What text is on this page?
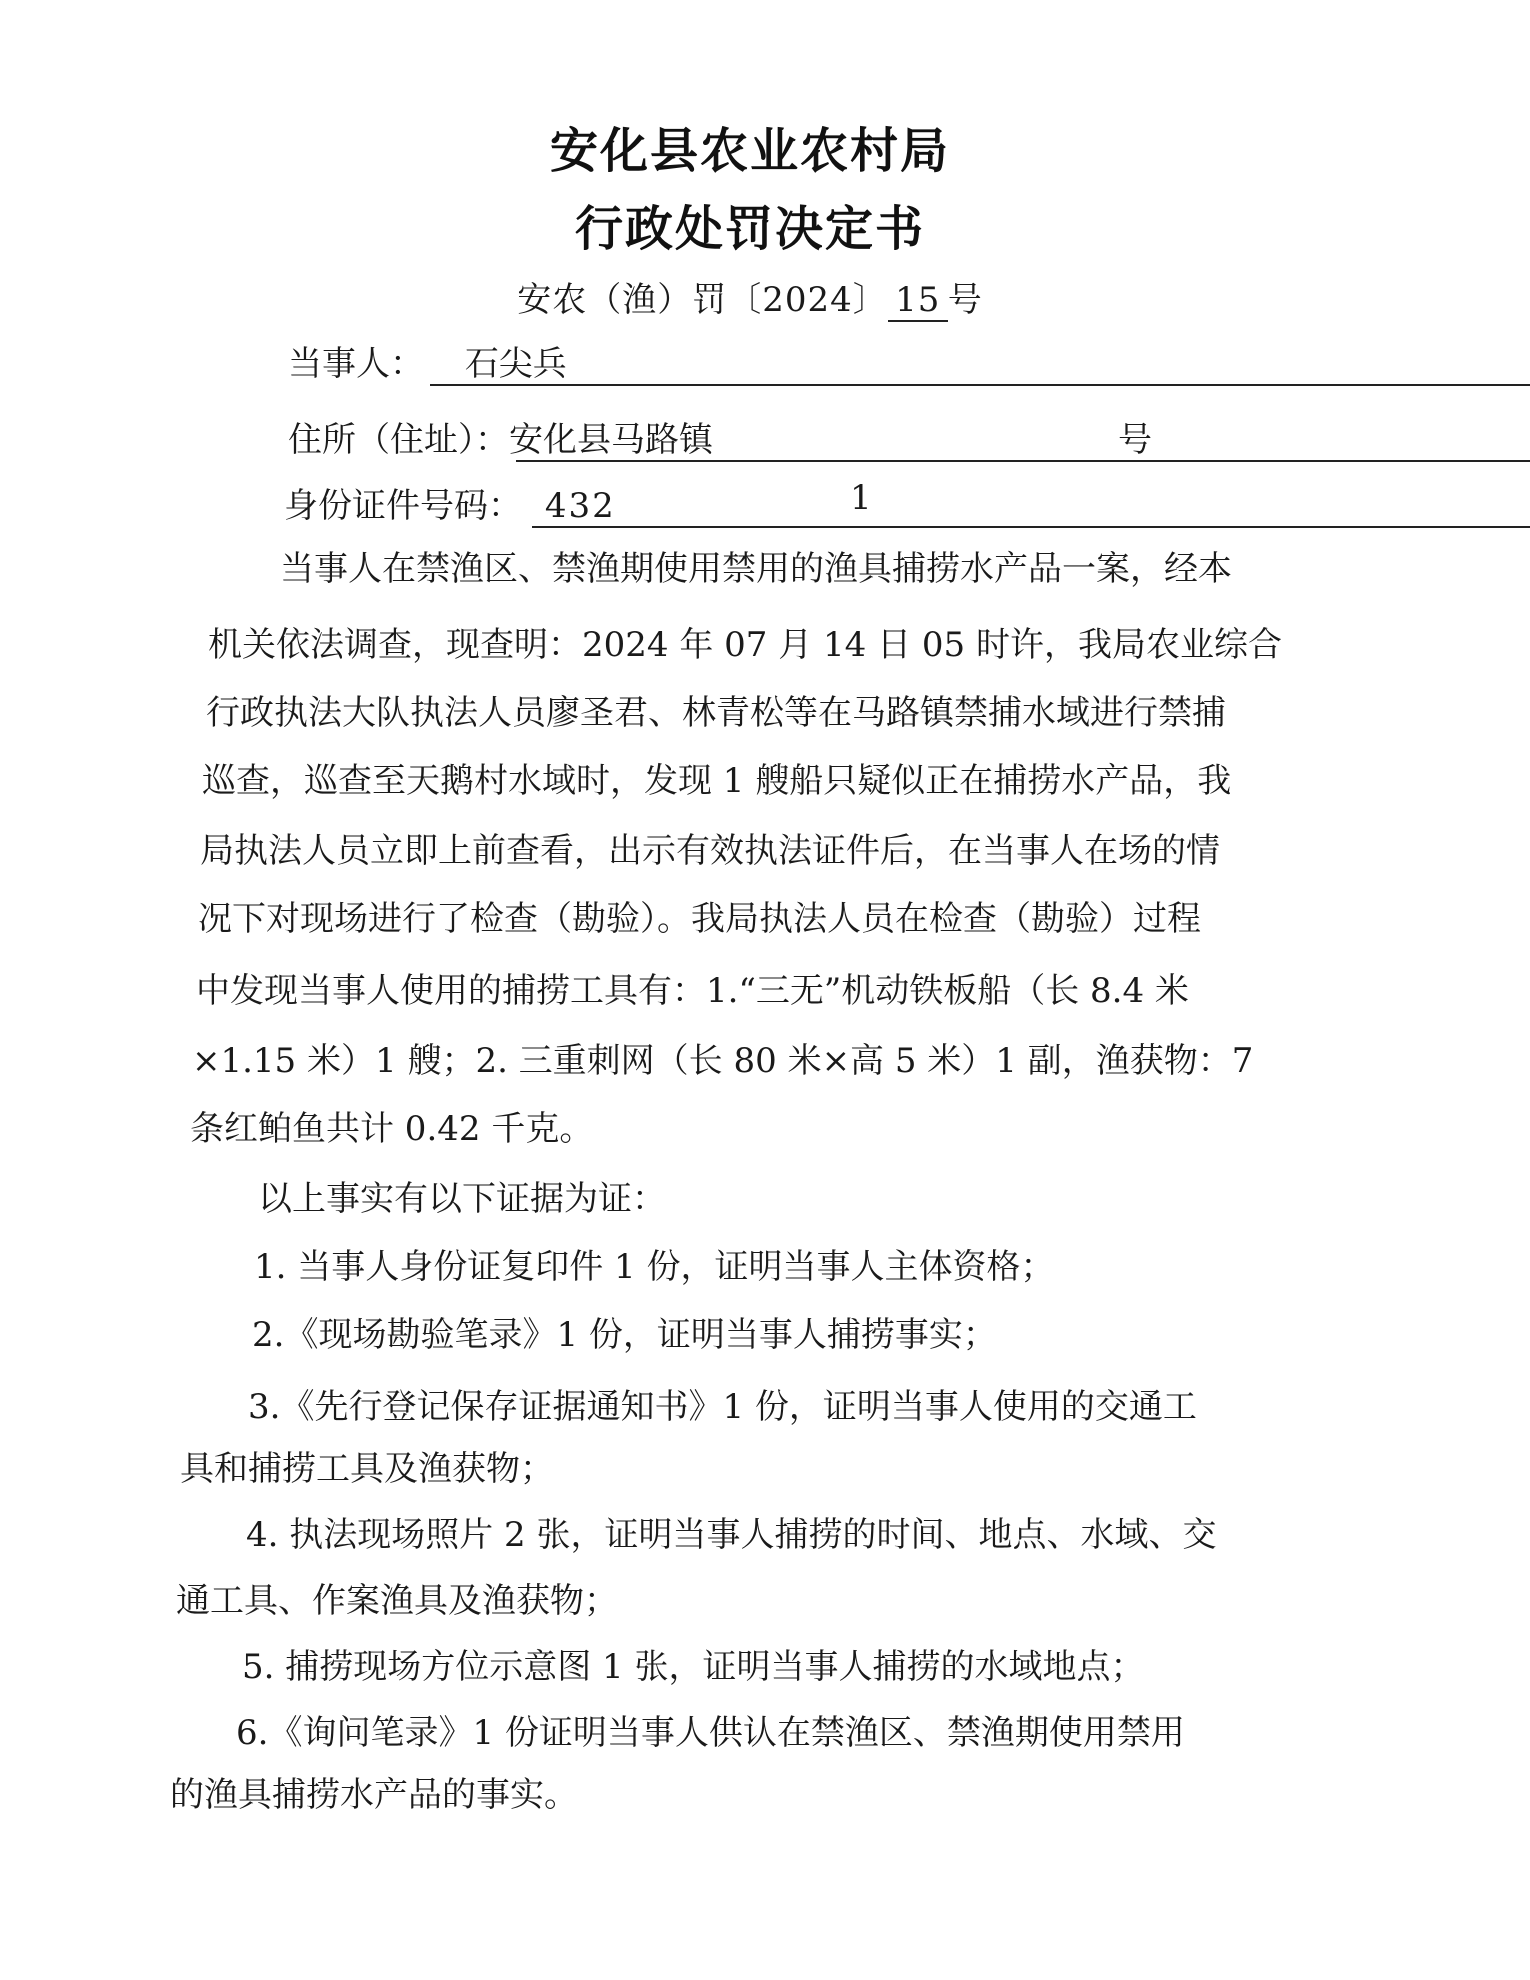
安化县农业农村局
行政处罚决定书
安农（渔）罚〔2024〕 15 号
当事人： 石尖兵
住所（住址）：安化县马路镇	号
身份证件号码： 432	1
当事人在禁渔区、禁渔期使用禁用的渔具捕捞水产品一案，经本
机关依法调查，现查明：2024 年 07 月 14 日 05 时许，我局农业综合
行政执法大队执法人员廖圣君、林青松等在马路镇禁捕水域进行禁捕
巡查，巡查至天鹅村水域时，发现 1 艘船只疑似正在捕捞水产品，我
局执法人员立即上前查看，出示有效执法证件后，在当事人在场的情
况下对现场进行了检查（勘验）。我局执法人员在检查（勘验）过程
中发现当事人使用的捕捞工具有：1.“三无”机动铁板船（长 8.4 米
×1.15 米）1 艘；2. 三重刺网（长 80 米×高 5 米）1 副，渔获物：7
条红鲌鱼共计 0.42 千克。
以上事实有以下证据为证：
1. 当事人身份证复印件 1 份，证明当事人主体资格；
2.《现场勘验笔录》1 份，证明当事人捕捞事实；
3.《先行登记保存证据通知书》1 份，证明当事人使用的交通工
具和捕捞工具及渔获物；
4. 执法现场照片 2 张，证明当事人捕捞的时间、地点、水域、交
通工具、作案渔具及渔获物；
5. 捕捞现场方位示意图 1 张，证明当事人捕捞的水域地点；
6.《询问笔录》1 份证明当事人供认在禁渔区、禁渔期使用禁用
的渔具捕捞水产品的事实。
